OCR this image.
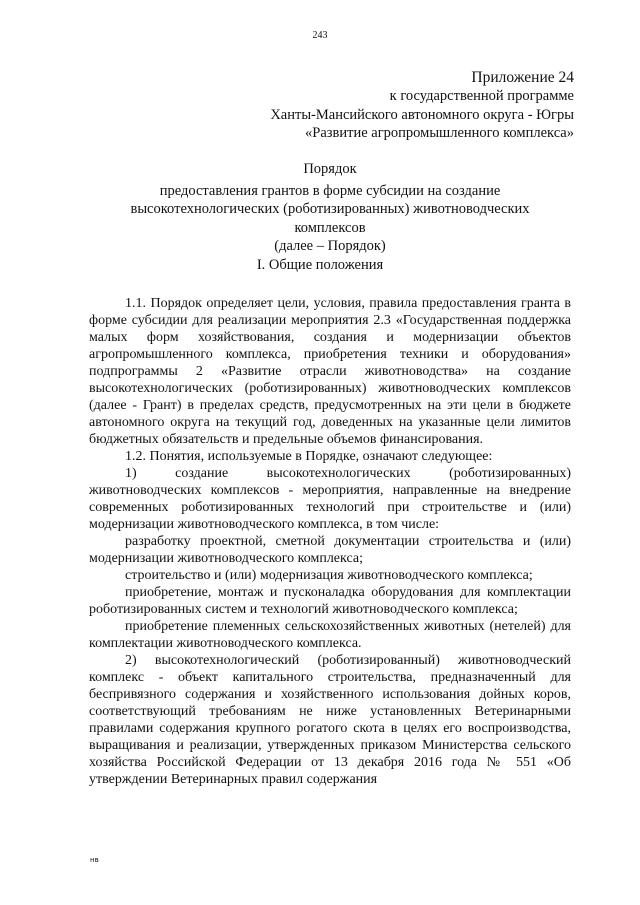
243
Приложение 24
к государственной программе
Ханты-Мансийского автономного округа - Югры
«Развитие агропромышленного комплекса»
Порядок
предоставления грантов в форме субсидии на создание
высокотехнологических (роботизированных) животноводческих
комплексов
(далее – Порядок)
I. Общие положения

1.1. Порядок определяет цели, условия, правила предоставления гранта в форме субсидии для реализации мероприятия 2.3 «Государственная поддержка малых форм хозяйствования, создания и модернизации объектов агропромышленного комплекса, приобретения техники и оборудования» подпрограммы 2 «Развитие отрасли животноводства» на создание высокотехнологических (роботизированных) животноводческих комплексов (далее - Грант) в пределах средств, предусмотренных на эти цели в бюджете автономного округа на текущий год, доведенных на указанные цели лимитов бюджетных обязательств и предельные объемов финансирования.

1.2. Понятия, используемые в Порядке, означают следующее:

1) создание высокотехнологических (роботизированных) животноводческих комплексов - мероприятия, направленные на внедрение современных роботизированных технологий при строительстве и (или) модернизации животноводческого комплекса, в том числе:

разработку проектной, сметной документации строительства и (или) модернизации животноводческого комплекса;

строительство и (или) модернизация животноводческого комплекса;

приобретение, монтаж и пусконаладка оборудования для комплектации роботизированных систем и технологий животноводческого комплекса;

приобретение племенных сельскохозяйственных животных (нетелей) для комплектации животноводческого комплекса.

2) высокотехнологический (роботизированный) животноводческий комплекс - объект капитального строительства, предназначенный для беспривязного содержания и хозяйственного использования дойных коров, соответствующий требованиям не ниже установленных Ветеринарными правилами содержания крупного рогатого скота в целях его воспроизводства, выращивания и реализации, утвержденных приказом Министерства сельского хозяйства Российской Федерации от 13 декабря 2016 года № 551 «Об утверждении Ветеринарных правил содержания

нв
